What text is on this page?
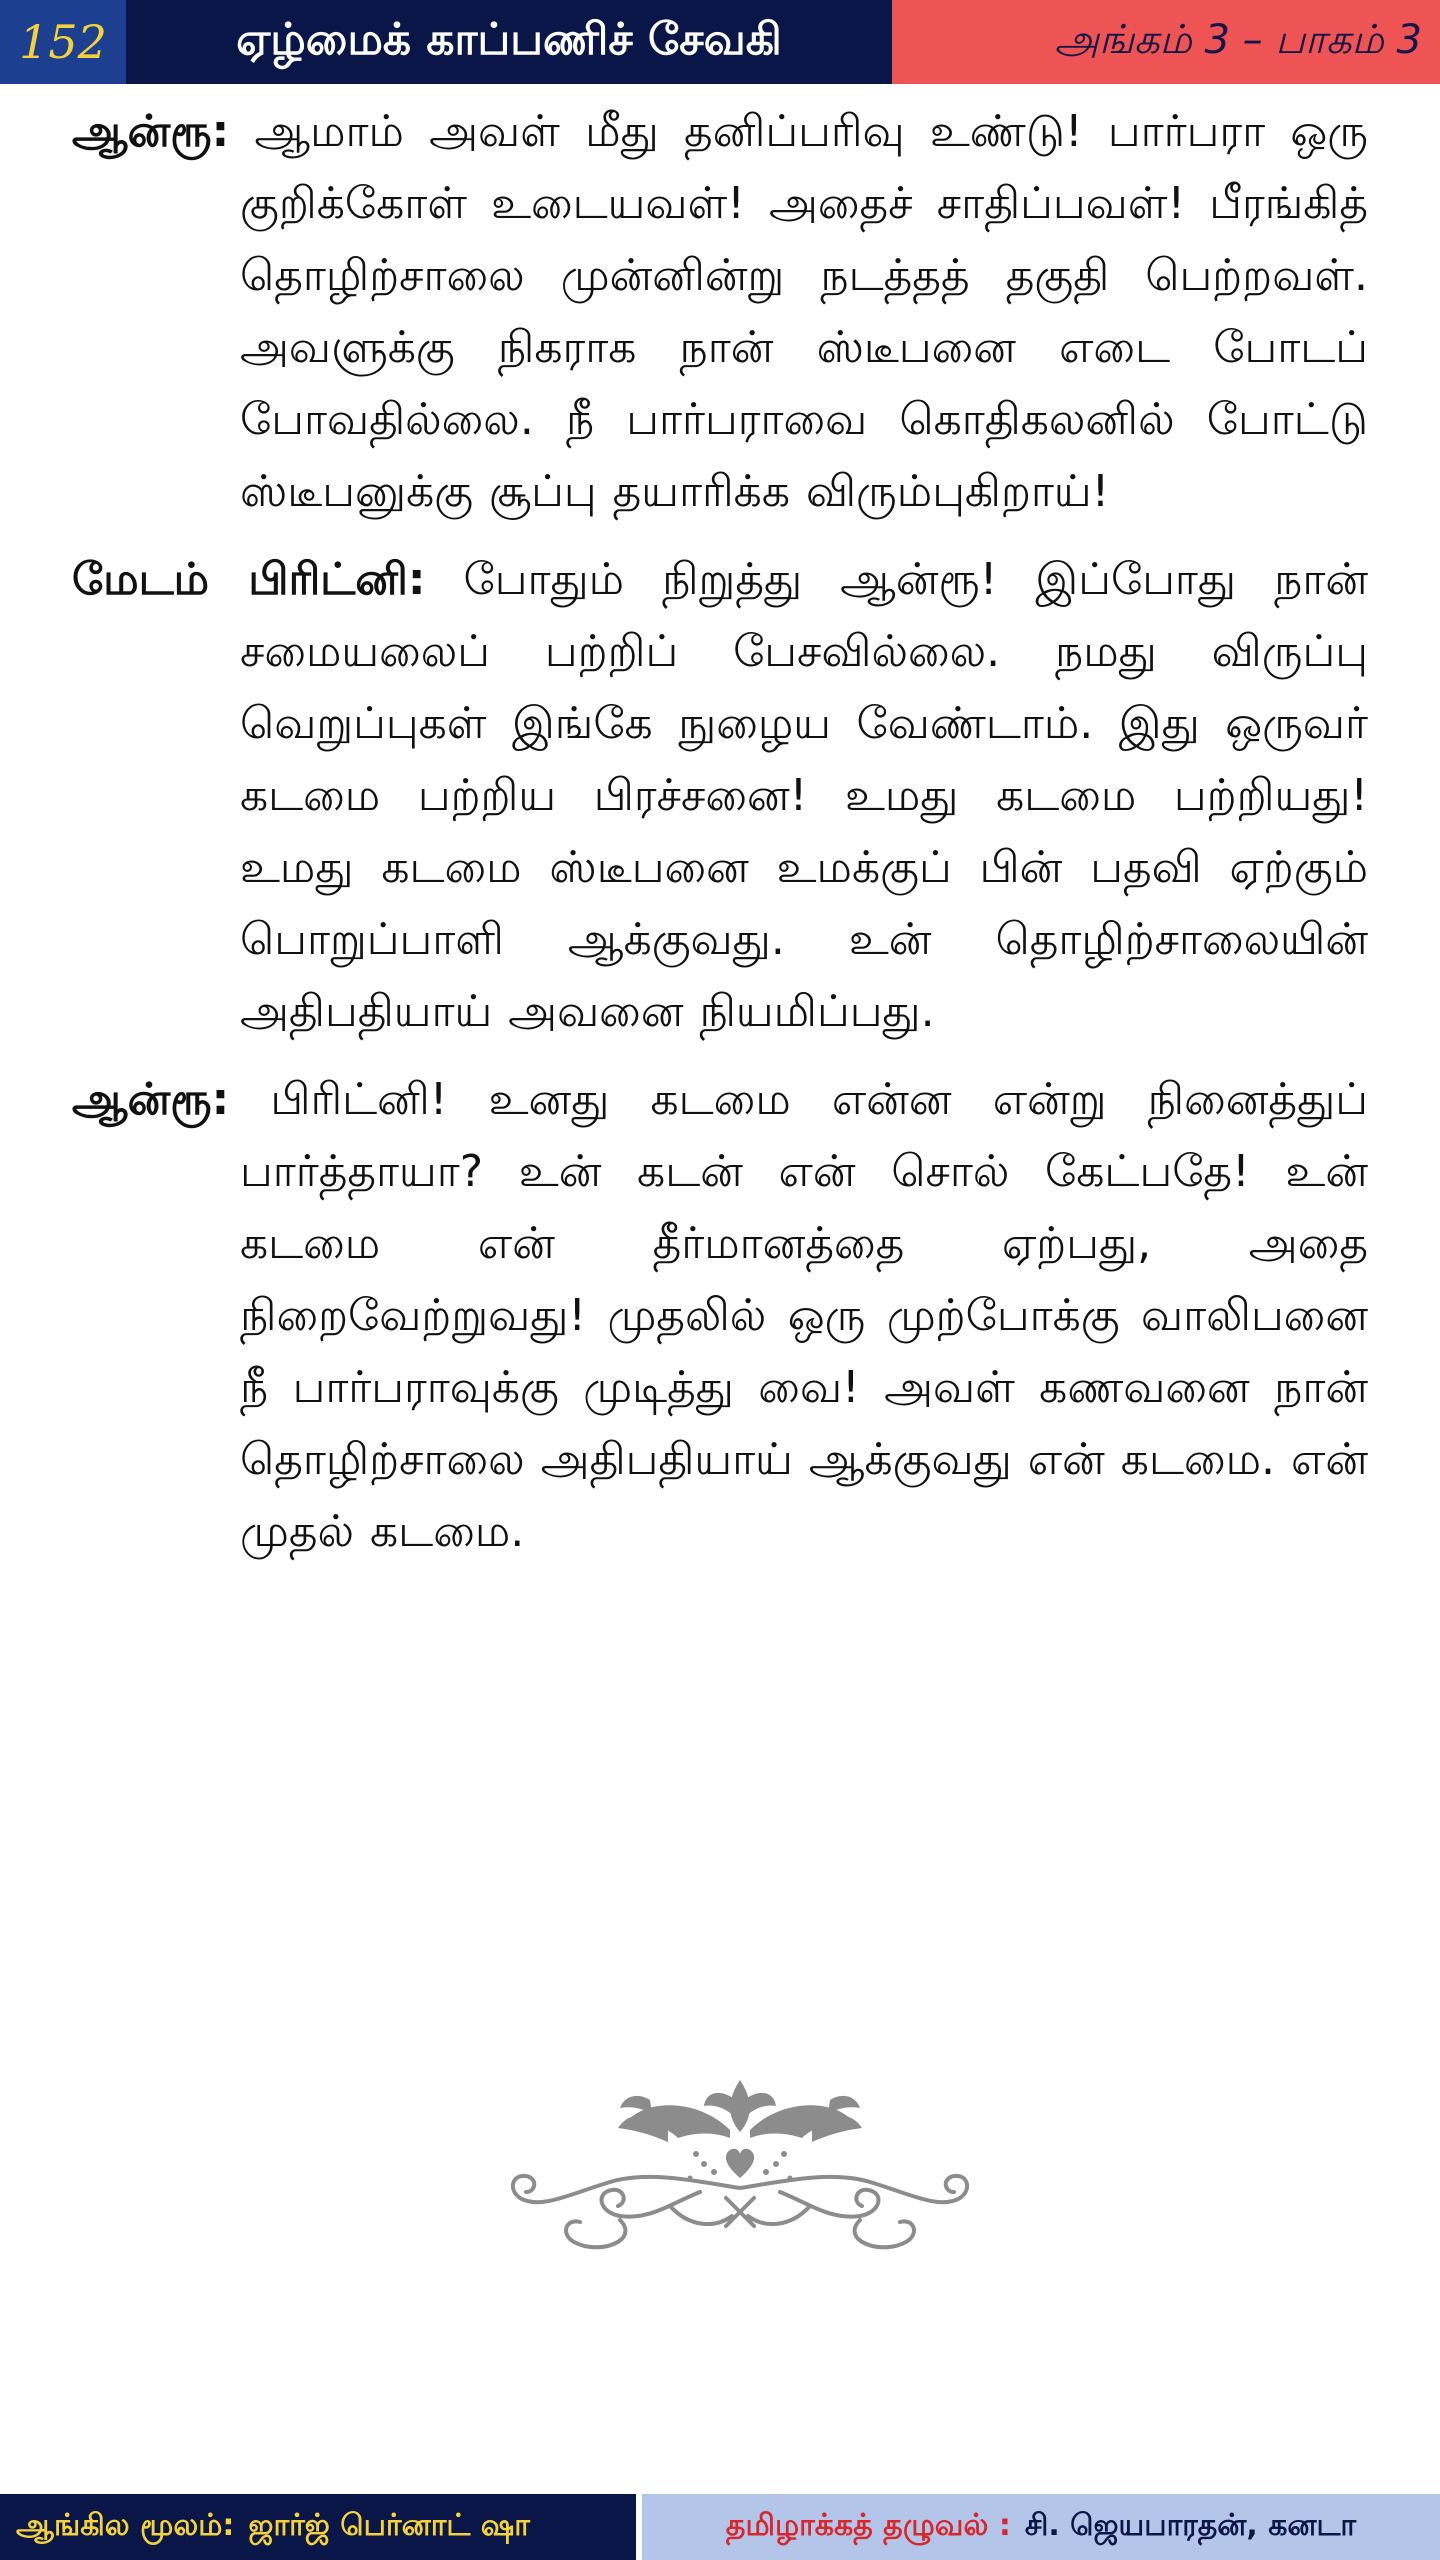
152	ஏழ்மைக் காப்பணிச் சேவகி	அங்கம் 3 – பாகம் 3

ஆன்ரூ: ஆமாம் அவள் மீது தனிப்பரிவு உண்டு! பார்பரா ஒரு குறிக்கோள் உடையவள்! அதைச் சாதிப்பவள்! பீரங்கித் தொழிற்சாலை முன்னின்று நடத்தத் தகுதி பெற்றவள். அவளுக்கு நிகராக நான் ஸ்டீபனை எடை போடப் போவதில்லை. நீ பார்பராவை கொதிகலனில் போட்டு ஸ்டீபனுக்கு சூப்பு தயாரிக்க விரும்புகிறாய்!

மேடம் பிரிட்னி: போதும் நிறுத்து ஆன்ரூ! இப்போது நான் சமையலைப் பற்றிப் பேசவில்லை. நமது விருப்பு வெறுப்புகள் இங்கே நுழைய வேண்டாம். இது ஒருவர் கடமை பற்றிய பிரச்சனை! உமது கடமை பற்றியது! உமது கடமை ஸ்டீபனை உமக்குப் பின் பதவி ஏற்கும் பொறுப்பாளி ஆக்குவது. உன் தொழிற்சாலையின் அதிபதியாய் அவனை நியமிப்பது.

ஆன்ரூ: பிரிட்னி! உனது கடமை என்ன என்று நினைத்துப் பார்த்தாயா? உன் கடன் என் சொல் கேட்பதே! உன் கடமை என் தீர்மானத்தை ஏற்பது, அதை நிறைவேற்றுவது! முதலில் ஒரு முற்போக்கு வாலிபனை நீ பார்பராவுக்கு முடித்து வை! அவள் கணவனை நான் தொழிற்சாலை அதிபதியாய் ஆக்குவது என் கடமை. என் முதல் கடமை.

ஆங்கில மூலம்: ஜார்ஜ் பெர்னாட் ஷா	தமிழாக்கத் தழுவல் : சி. ஜெயபாரதன், கனடா
